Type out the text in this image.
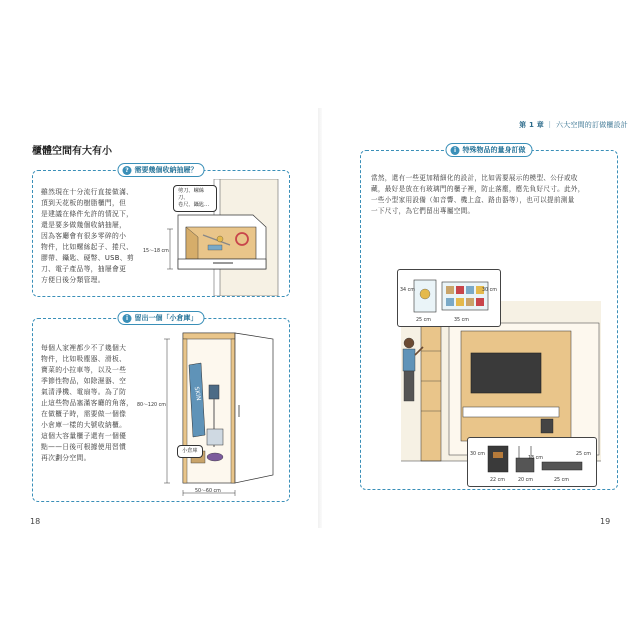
第 1 章 ｜ 六大空間的訂做櫃設計
櫃體空間有大有小
? 需要幾個收納抽屜？
雖然現在十分流行直接做滿、
頂到天花板的樹脂櫃門，但
是建議在條件允許的情況下，
還是要多做幾個收納抽屜，
因為客廳會有很多零碎的小
物件，比如螺絲起子、捲尺、
膠帶、鑷匙、硬幣、USB、剪
刀、電子產品等，抽屜會更
方便日後分類管理。
剪刀、螺絲刀、
卷尺、鑷匙…
15～18 cm
i 留出一個「小倉庫」
每個人家裡都少不了幾個大
物件，比如吸塵器、滑板、
寶菜的小拉車等，以及一些
季節性物品，如除濕器、空
氣清淨機、電扇等。為了防
止這些物品塞滿客廳的角落，
在做櫃子時，需要做一個像
小倉庫一樣的大號收納櫃。
這個大容量櫃子還有一個優
點——日後可根據使用習慣
再次劃分空間。
SKIN
80～120 cm
50～60 cm
小倉庫
18
i 特殊物品的量身訂做
當然，還有一些更加精細化的設計，比如需要展示的模型、公仔或收
藏，最好是放在有玻璃門的櫃子裡，防止落塵，應先負好尺寸。此外，
一些小型家用設備（如音響、機上盒、路由器等），也可以提前測量
一下尺寸，為它們留出專屬空間。
34 cm	30 cm
25 cm	35 cm
30 cm
13 cm
25 cm
22 cm	20 cm	25 cm
19
